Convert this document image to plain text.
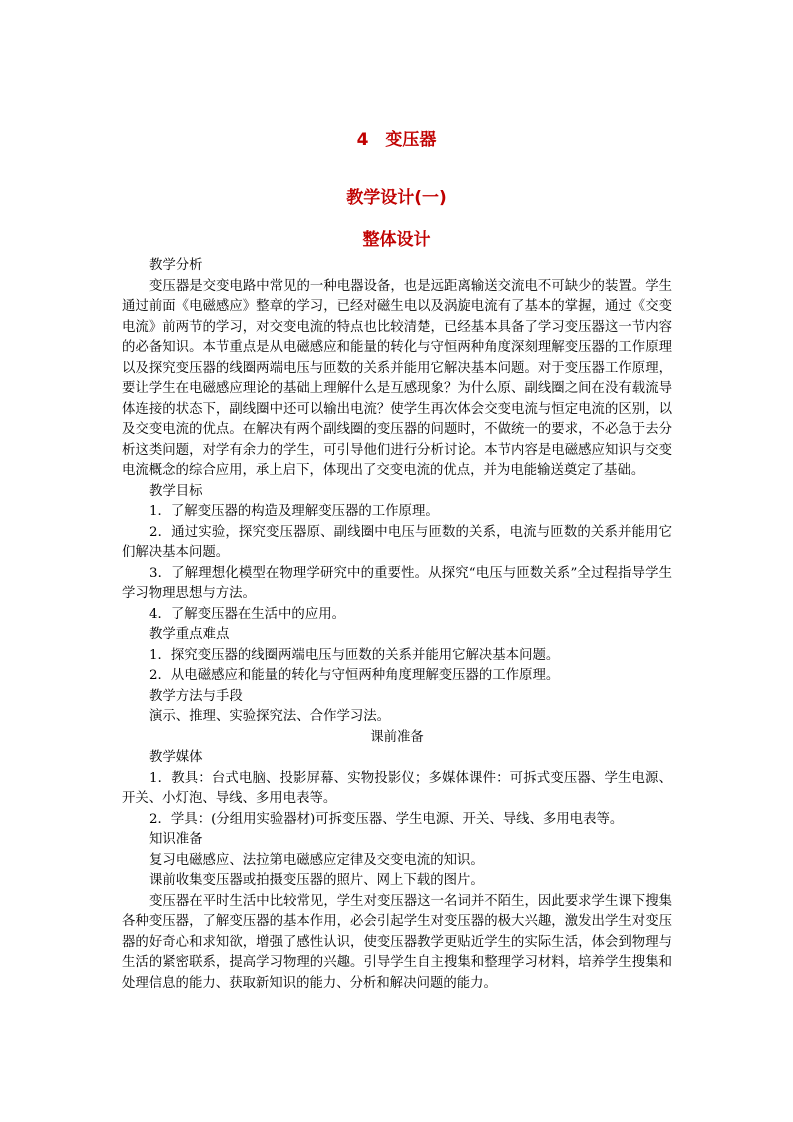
4　变压器
教学设计(一)
整体设计

教学分析

变压器是交变电路中常见的一种电器设备，也是远距离输送交流电不可缺少的装置。学生通过前面《电磁感应》整章的学习，已经对磁生电以及涡旋电流有了基本的掌握，通过《交变电流》前两节的学习，对交变电流的特点也比较清楚，已经基本具备了学习变压器这一节内容的必备知识。本节重点是从电磁感应和能量的转化与守恒两种角度深刻理解变压器的工作原理以及探究变压器的线圈两端电压与匝数的关系并能用它解决基本问题。对于变压器工作原理，要让学生在电磁感应理论的基础上理解什么是互感现象？为什么原、副线圈之间在没有载流导体连接的状态下，副线圈中还可以输出电流？使学生再次体会交变电流与恒定电流的区别，以及交变电流的优点。在解决有两个副线圈的变压器的问题时，不做统一的要求，不必急于去分析这类问题，对学有余力的学生，可引导他们进行分析讨论。本节内容是电磁感应知识与交变电流概念的综合应用，承上启下，体现出了交变电流的优点，并为电能输送奠定了基础。

教学目标

1．了解变压器的构造及理解变压器的工作原理。

2．通过实验，探究变压器原、副线圈中电压与匝数的关系，电流与匝数的关系并能用它们解决基本问题。

3．了解理想化模型在物理学研究中的重要性。从探究“电压与匝数关系”全过程指导学生学习物理思想与方法。

4．了解变压器在生活中的应用。

教学重点难点

1．探究变压器的线圈两端电压与匝数的关系并能用它解决基本问题。

2．从电磁感应和能量的转化与守恒两种角度理解变压器的工作原理。

教学方法与手段

演示、推理、实验探究法、合作学习法。

课前准备

教学媒体

1．教具：台式电脑、投影屏幕、实物投影仪；多媒体课件：可拆式变压器、学生电源、开关、小灯泡、导线、多用电表等。

2．学具：(分组用实验器材)可拆变压器、学生电源、开关、导线、多用电表等。

知识准备

复习电磁感应、法拉第电磁感应定律及交变电流的知识。

课前收集变压器或拍摄变压器的照片、网上下载的图片。

变压器在平时生活中比较常见，学生对变压器这一名词并不陌生，因此要求学生课下搜集各种变压器，了解变压器的基本作用，必会引起学生对变压器的极大兴趣，激发出学生对变压器的好奇心和求知欲，增强了感性认识，使变压器教学更贴近学生的实际生活，体会到物理与生活的紧密联系，提高学习物理的兴趣。引导学生自主搜集和整理学习材料，培养学生搜集和处理信息的能力、获取新知识的能力、分析和解决问题的能力。
